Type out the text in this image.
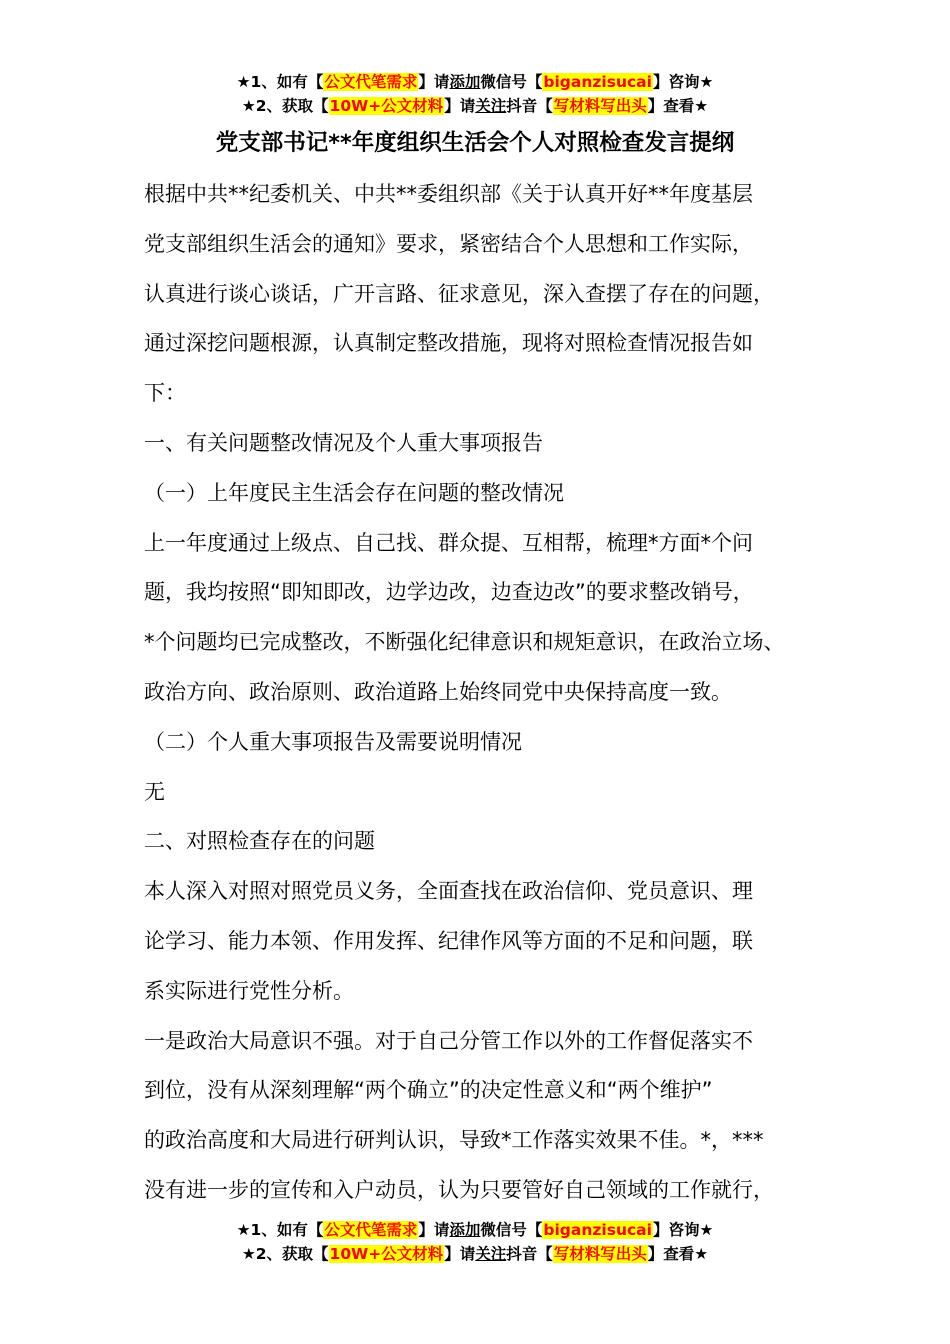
★1、如有【公文代笔需求】请添加微信号【biganzisucai】咨询★
★2、获取【10W+公文材料】请关注抖音【写材料写出头】查看★
党支部书记**年度组织生活会个人对照检查发言提纲
根据中共**纪委机关、中共**委组织部《关于认真开好**年度基层
党支部组织生活会的通知》要求，紧密结合个人思想和工作实际，
认真进行谈心谈话，广开言路、征求意见，深入查摆了存在的问题，
通过深挖问题根源，认真制定整改措施，现将对照检查情况报告如
下：
一、有关问题整改情况及个人重大事项报告
（一）上年度民主生活会存在问题的整改情况
上一年度通过上级点、自己找、群众提、互相帮，梳理*方面*个问
题，我均按照“即知即改，边学边改，边查边改”的要求整改销号，
*个问题均已完成整改，不断强化纪律意识和规矩意识，在政治立场、
政治方向、政治原则、政治道路上始终同党中央保持高度一致。
（二）个人重大事项报告及需要说明情况
无
二、对照检查存在的问题
本人深入对照对照党员义务，全面查找在政治信仰、党员意识、理
论学习、能力本领、作用发挥、纪律作风等方面的不足和问题，联
系实际进行党性分析。
一是政治大局意识不强。对于自己分管工作以外的工作督促落实不
到位，没有从深刻理解“两个确立”的决定性意义和“两个维护”
的政治高度和大局进行研判认识，导致*工作落实效果不佳。*，***
没有进一步的宣传和入户动员，认为只要管好自己领域的工作就行，
★1、如有【公文代笔需求】请添加微信号【biganzisucai】咨询★
★2、获取【10W+公文材料】请关注抖音【写材料写出头】查看★
